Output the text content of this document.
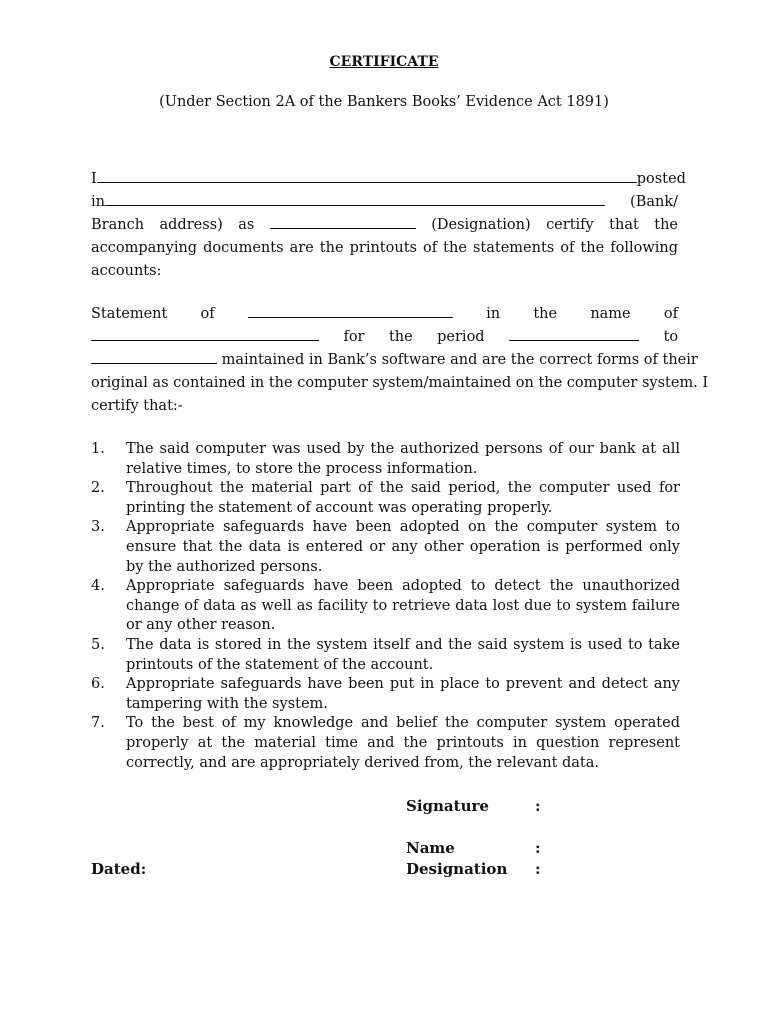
CERTIFICATE
(Under Section 2A of the Bankers Books’ Evidence Act 1891)
I	posted
in	(Bank/
Branch address) as	(Designation) certify that the
accompanying documents are the printouts of the statements of the following
accounts:
Statement of	in the name of
for the period	to
maintained in Bank’s software and are the correct forms of their
original as contained in the computer system/maintained on the computer system. I
certify that:-
1. The said computer was used by the authorized persons of our bank at all relative times, to store the process information.
2. Throughout the material part of the said period, the computer used for printing the statement of account was operating properly.
3. Appropriate safeguards have been adopted on the computer system to ensure that the data is entered or any other operation is performed only by the authorized persons.
4. Appropriate safeguards have been adopted to detect the unauthorized change of data as well as facility to retrieve data lost due to system failure or any other reason.
5. The data is stored in the system itself and the said system is used to take printouts of the statement of the account.
6. Appropriate safeguards have been put in place to prevent and detect any tampering with the system.
7. To the best of my knowledge and belief the computer system operated properly at the material time and the printouts in question represent correctly, and are appropriately derived from, the relevant data.
Signature	:
Name	:
Dated:	Designation :
